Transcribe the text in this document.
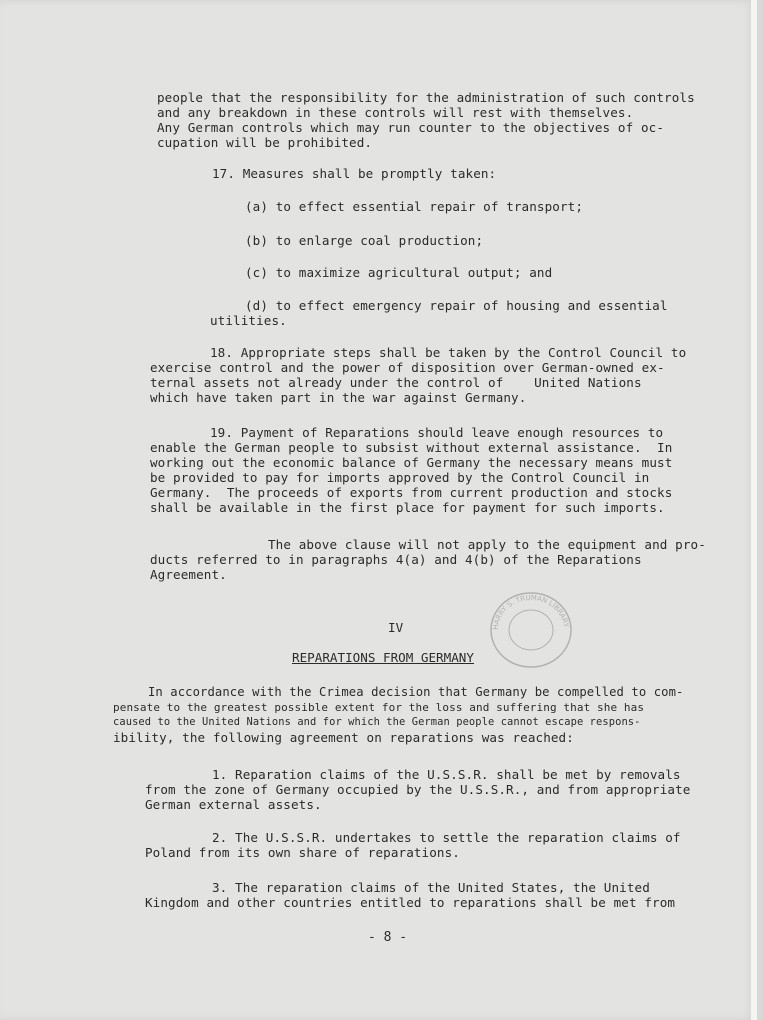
people that the responsibility for the administration of such controls
and any breakdown in these controls will rest with themselves.
Any German controls which may run counter to the objectives of oc-
cupation will be prohibited.
17. Measures shall be promptly taken:
(a) to effect essential repair of transport;
(b) to enlarge coal production;
(c) to maximize agricultural output; and
(d) to effect emergency repair of housing and essential
utilities.
18. Appropriate steps shall be taken by the Control Council to
exercise control and the power of disposition over German-owned ex-
ternal assets not already under the control of    United Nations
which have taken part in the war against Germany.
19. Payment of Reparations should leave enough resources to
enable the German people to subsist without external assistance.  In
working out the economic balance of Germany the necessary means must
be provided to pay for imports approved by the Control Council in
Germany.  The proceeds of exports from current production and stocks
shall be available in the first place for payment for such imports.
The above clause will not apply to the equipment and pro-
ducts referred to in paragraphs 4(a) and 4(b) of the Reparations
Agreement.
IV
REPARATIONS FROM GERMANY
In accordance with the Crimea decision that Germany be compelled to com-
pensate to the greatest possible extent for the loss and suffering that she has
caused to the United Nations and for which the German people cannot escape respons-
ibility, the following agreement on reparations was reached:
1. Reparation claims of the U.S.S.R. shall be met by removals
from the zone of Germany occupied by the U.S.S.R., and from appropriate
German external assets.
2. The U.S.S.R. undertakes to settle the reparation claims of
Poland from its own share of reparations.
3. The reparation claims of the United States, the United
Kingdom and other countries entitled to reparations shall be met from
- 8 -
HARRY S. TRUMAN LIBRARY
